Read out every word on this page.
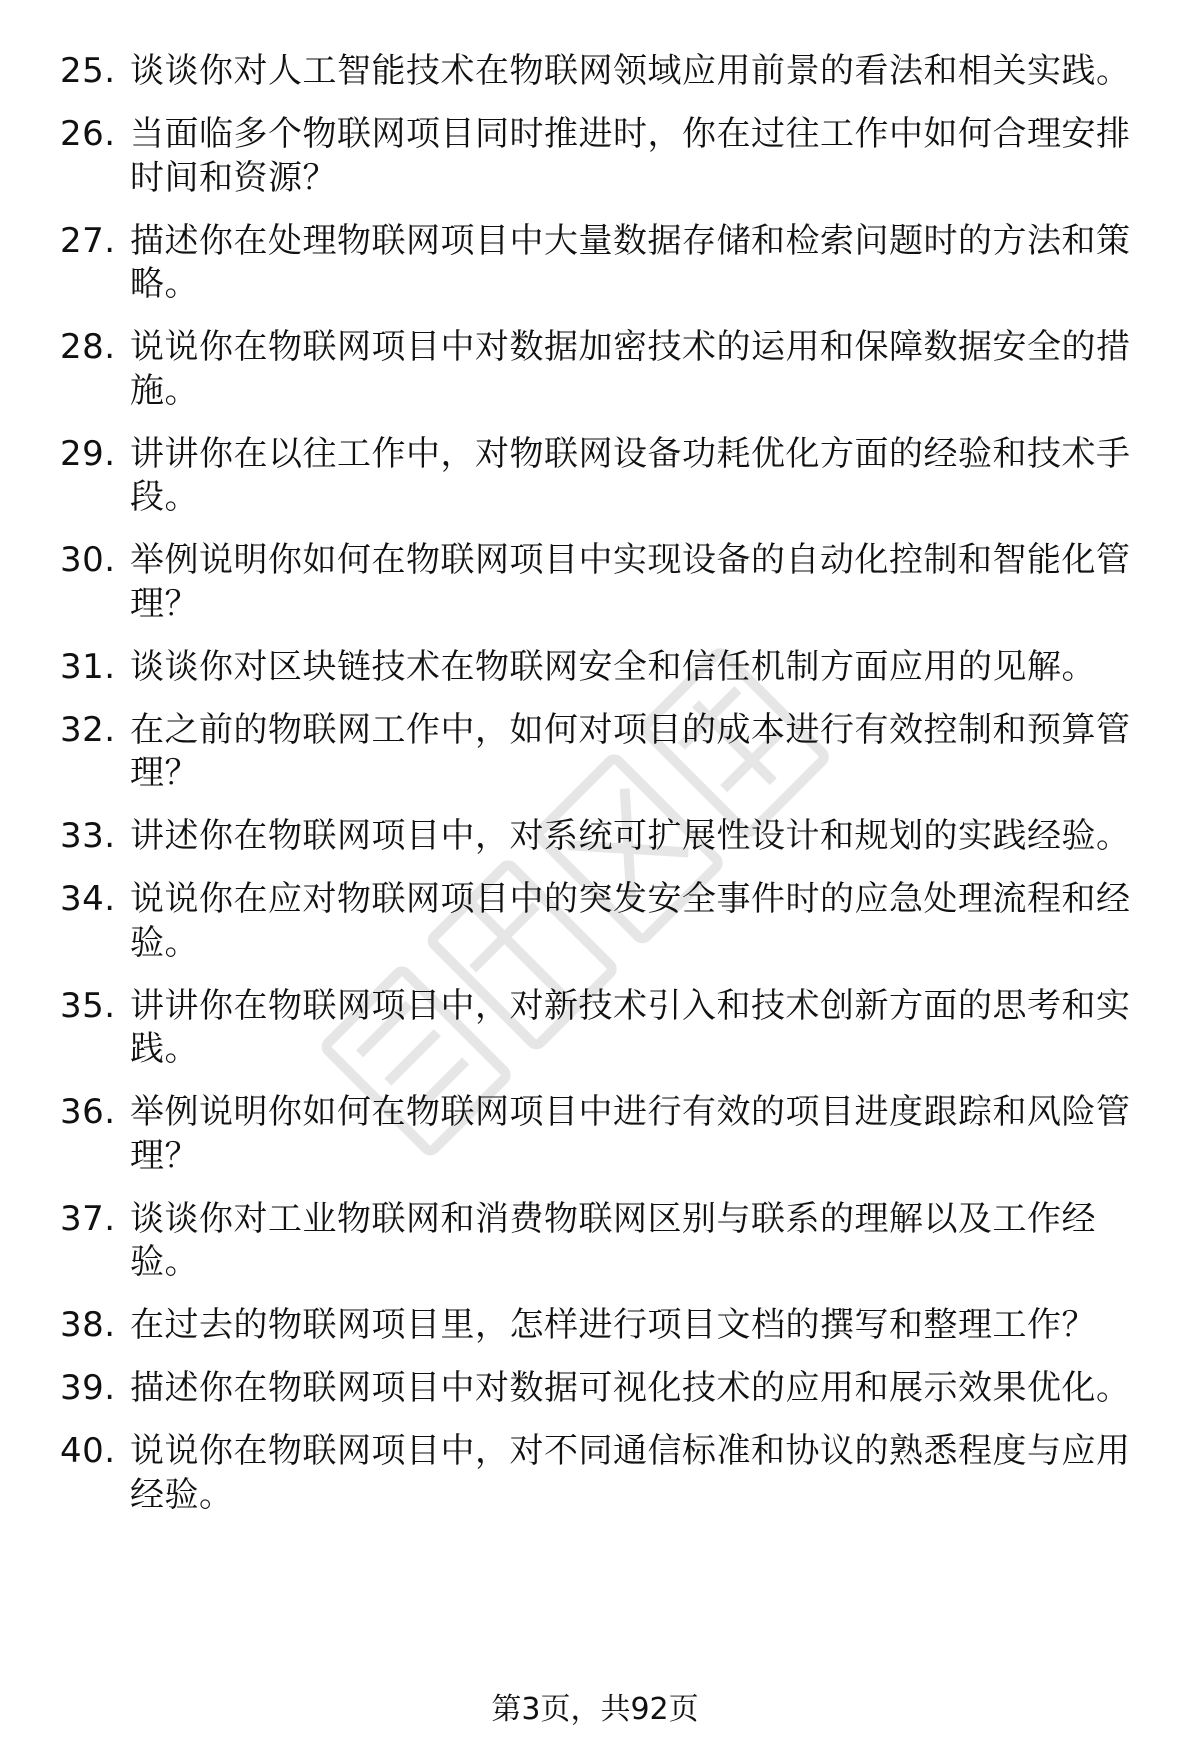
25. 谈谈你对人工智能技术在物联网领域应用前景的看法和相关实践。
26. 当面临多个物联网项目同时推进时，你在过往工作中如何合理安排时间和资源？
27. 描述你在处理物联网项目中大量数据存储和检索问题时的方法和策略。
28. 说说你在物联网项目中对数据加密技术的运用和保障数据安全的措施。
29. 讲讲你在以往工作中，对物联网设备功耗优化方面的经验和技术手段。
30. 举例说明你如何在物联网项目中实现设备的自动化控制和智能化管理？
31. 谈谈你对区块链技术在物联网安全和信任机制方面应用的见解。
32. 在之前的物联网工作中，如何对项目的成本进行有效控制和预算管理？
33. 讲述你在物联网项目中，对系统可扩展性设计和规划的实践经验。
34. 说说你在应对物联网项目中的突发安全事件时的应急处理流程和经验。
35. 讲讲你在物联网项目中，对新技术引入和技术创新方面的思考和实践。
36. 举例说明你如何在物联网项目中进行有效的项目进度跟踪和风险管理？
37. 谈谈你对工业物联网和消费物联网区别与联系的理解以及工作经验。
38. 在过去的物联网项目里，怎样进行项目文档的撰写和整理工作？
39. 描述你在物联网项目中对数据可视化技术的应用和展示效果优化。
40. 说说你在物联网项目中，对不同通信标准和协议的熟悉程度与应用经验。
第3页，共92页
